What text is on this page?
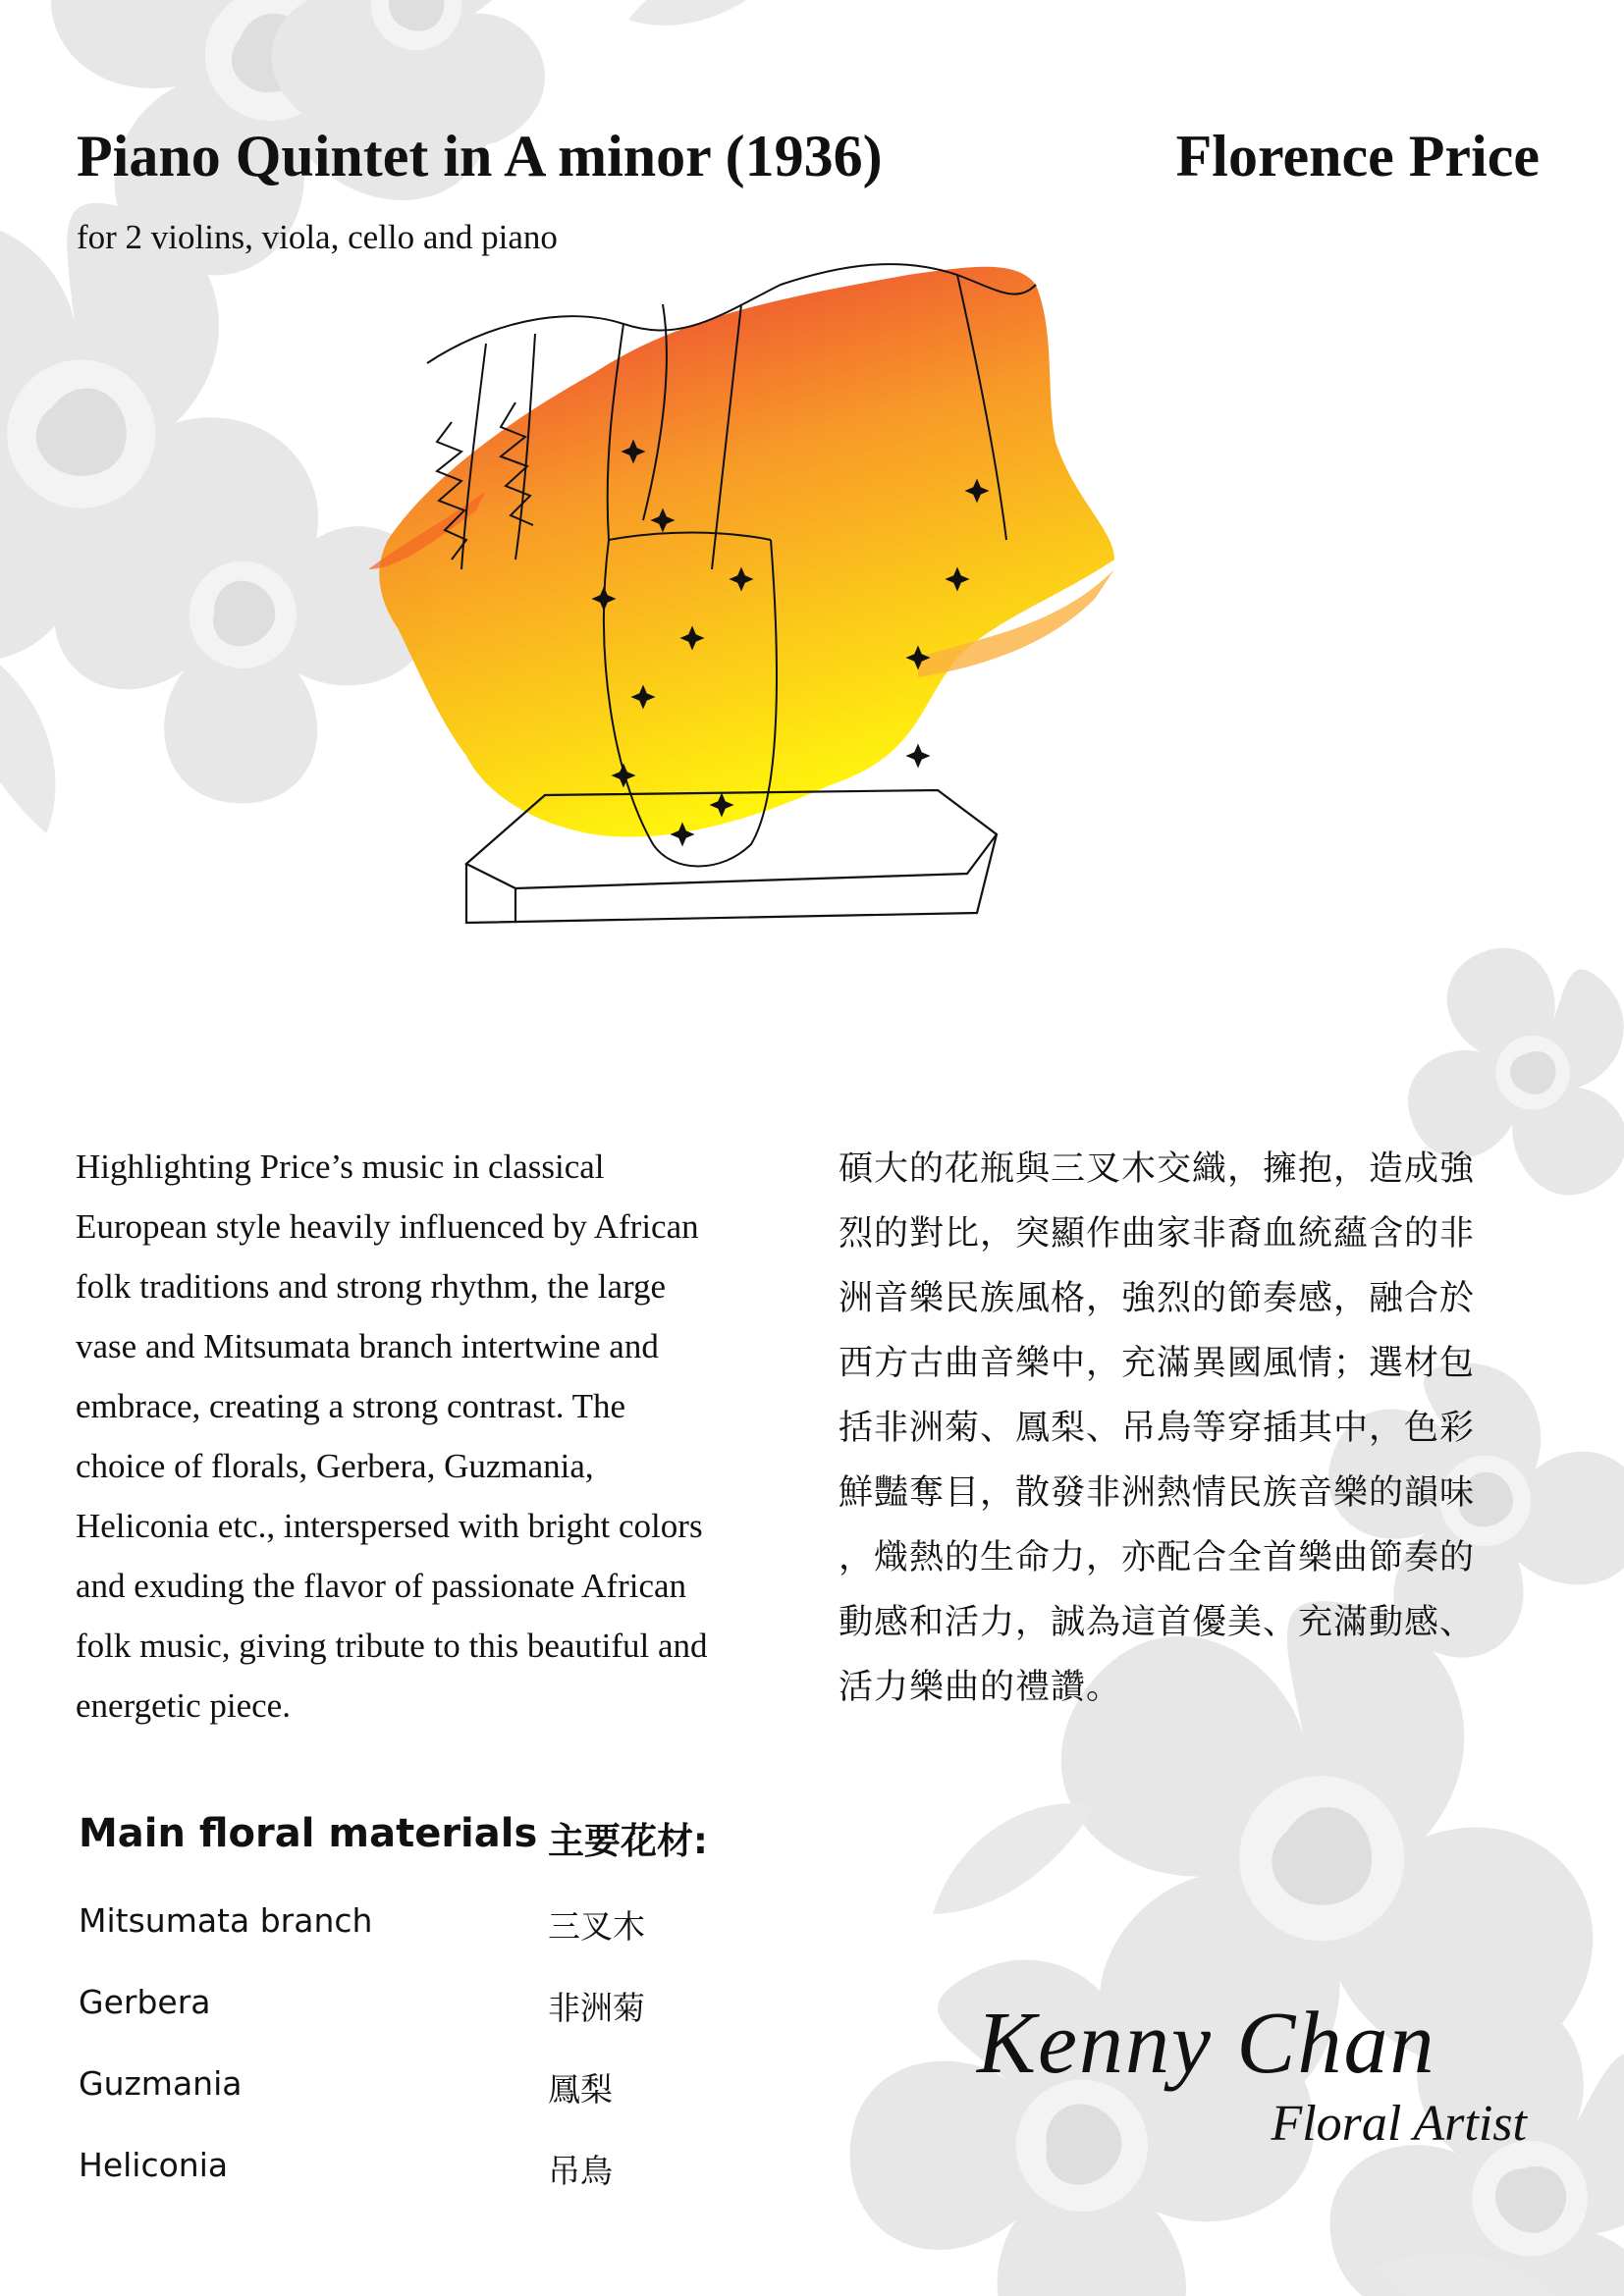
Piano Quintet in A minor (1936)	Florence Price
for 2 violins, viola, cello and piano
Highlighting Price’s music in classical
European style heavily influenced by African
folk traditions and strong rhythm, the large
vase and Mitsumata branch intertwine and
embrace, creating a strong contrast. The
choice of florals, Gerbera, Guzmania,
Heliconia etc., interspersed with bright colors
and exuding the flavor of passionate African
folk music, giving tribute to this beautiful and
energetic piece.
碩大的花瓶與三叉木交織，擁抱，造成強
烈的對比，突顯作曲家非裔血統蘊含的非
洲音樂民族風格，強烈的節奏感，融合於
西方古曲音樂中，充滿異國風情；選材包
括非洲菊、鳳梨、吊鳥等穿插其中，色彩
鮮豔奪目，散發非洲熱情民族音樂的韻味
，熾熱的生命力，亦配合全首樂曲節奏的
動感和活力，誠為這首優美、充滿動感、
活力樂曲的禮讚。
Main floral materials 主要花材:
Mitsumata branch	三叉木
Gerbera	非洲菊
Guzmania	鳳梨
Heliconia	吊鳥
Kenny Chan
Floral Artist
